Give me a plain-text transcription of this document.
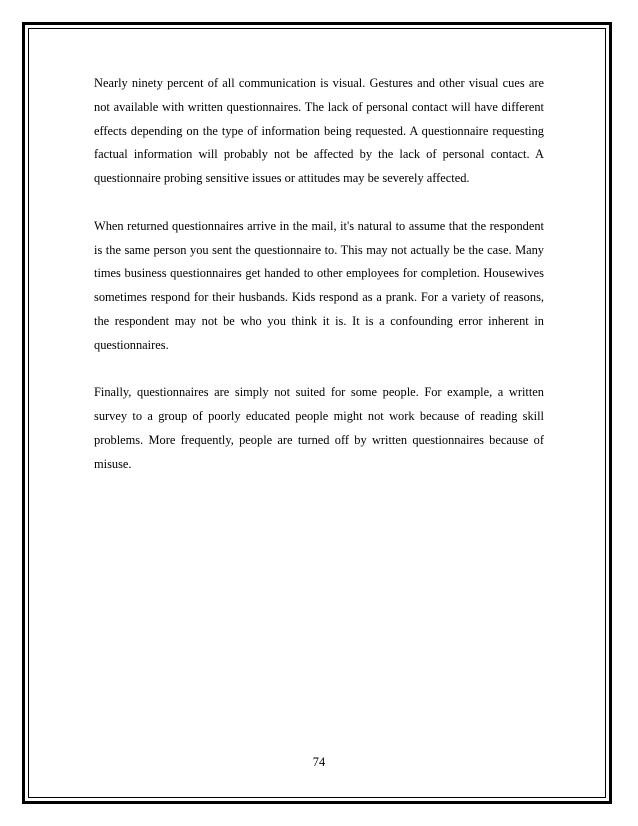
Nearly ninety percent of all communication is visual. Gestures and other visual cues are not available with written questionnaires. The lack of personal contact will have different effects depending on the type of information being requested. A questionnaire requesting factual information will probably not be affected by the lack of personal contact. A questionnaire probing sensitive issues or attitudes may be severely affected.

When returned questionnaires arrive in the mail, it's natural to assume that the respondent is the same person you sent the questionnaire to. This may not actually be the case. Many times business questionnaires get handed to other employees for completion. Housewives sometimes respond for their husbands. Kids respond as a prank. For a variety of reasons, the respondent may not be who you think it is. It is a confounding error inherent in questionnaires.

Finally, questionnaires are simply not suited for some people. For example, a written survey to a group of poorly educated people might not work because of reading skill problems. More frequently, people are turned off by written questionnaires because of misuse.

74
